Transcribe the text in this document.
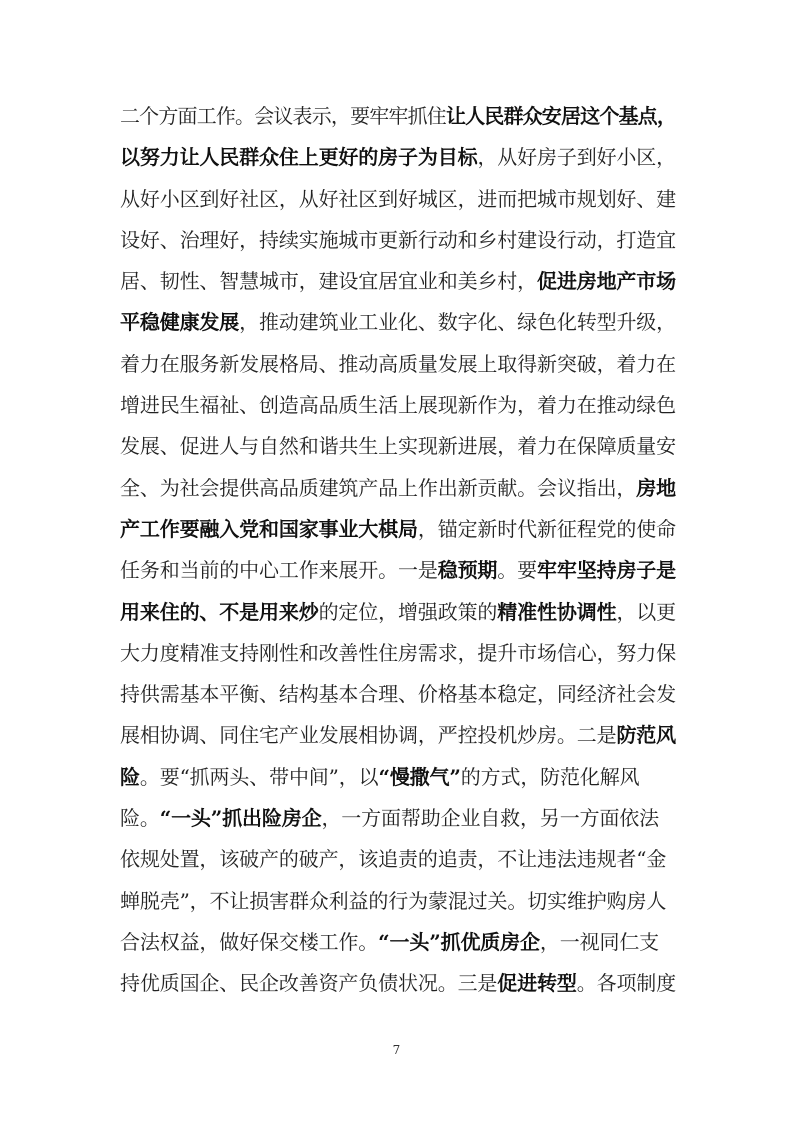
二个方面工作。会议表示，要牢牢抓住让人民群众安居这个基点，
以努力让人民群众住上更好的房子为目标，从好房子到好小区，
从好小区到好社区，从好社区到好城区，进而把城市规划好、建
设好、治理好，持续实施城市更新行动和乡村建设行动，打造宜
居、韧性、智慧城市，建设宜居宜业和美乡村，促进房地产市场
平稳健康发展，推动建筑业工业化、数字化、绿色化转型升级，
着力在服务新发展格局、推动高质量发展上取得新突破，着力在
增进民生福祉、创造高品质生活上展现新作为，着力在推动绿色
发展、促进人与自然和谐共生上实现新进展，着力在保障质量安
全、为社会提供高品质建筑产品上作出新贡献。会议指出，房地
产工作要融入党和国家事业大棋局，锚定新时代新征程党的使命
任务和当前的中心工作来展开。一是稳预期。要牢牢坚持房子是
用来住的、不是用来炒的定位，增强政策的精准性协调性，以更
大力度精准支持刚性和改善性住房需求，提升市场信心，努力保
持供需基本平衡、结构基本合理、价格基本稳定，同经济社会发
展相协调、同住宅产业发展相协调，严控投机炒房。二是防范风
险。要“抓两头、带中间”，以“慢撒气”的方式，防范化解风
险。“一头”抓出险房企，一方面帮助企业自救，另一方面依法
依规处置，该破产的破产，该追责的追责，不让违法违规者“金
蝉脱壳”，不让损害群众利益的行为蒙混过关。切实维护购房人
合法权益，做好保交楼工作。“一头”抓优质房企，一视同仁支
持优质国企、民企改善资产负债状况。三是促进转型。各项制度
7
